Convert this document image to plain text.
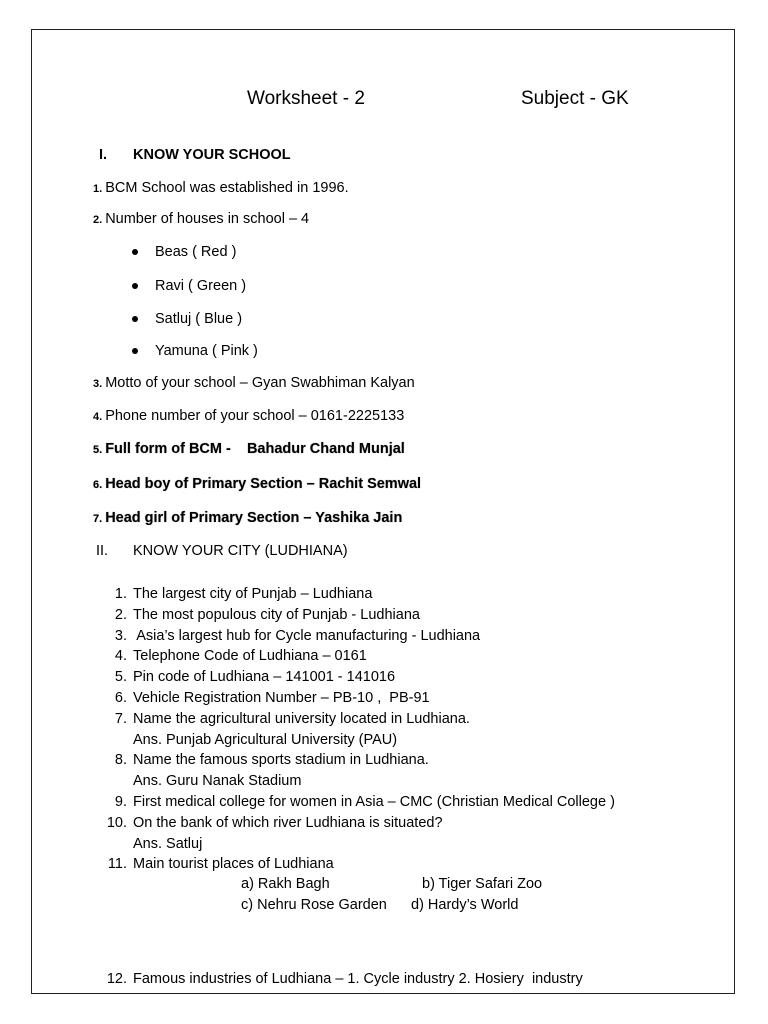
Worksheet - 2	Subject - GK
I. KNOW YOUR SCHOOL
1. BCM School was established in 1996.
2. Number of houses in school – 4
Beas ( Red )
Ravi ( Green )
Satluj ( Blue )
Yamuna ( Pink )
3. Motto of your school – Gyan Swabhiman Kalyan
4. Phone number of your school – 0161-2225133
5. Full form of BCM -    Bahadur Chand Munjal
6. Head boy of Primary Section – Rachit Semwal
7. Head girl of Primary Section – Yashika Jain
II. KNOW YOUR CITY (LUDHIANA)
1. The largest city of Punjab – Ludhiana
2. The most populous city of Punjab - Ludhiana
3. Asia’s largest hub for Cycle manufacturing - Ludhiana
4. Telephone Code of Ludhiana – 0161
5. Pin code of Ludhiana – 141001 - 141016
6. Vehicle Registration Number – PB-10 ,  PB-91
7. Name the agricultural university located in Ludhiana.
Ans. Punjab Agricultural University (PAU)
8. Name the famous sports stadium in Ludhiana.
Ans. Guru Nanak Stadium
9. First medical college for women in Asia – CMC (Christian Medical College )
10. On the bank of which river Ludhiana is situated?
Ans. Satluj
11. Main tourist places of Ludhiana
a) Rakh Bagh	b) Tiger Safari Zoo
c) Nehru Rose Garden d) Hardy’s World
12. Famous industries of Ludhiana – 1. Cycle industry 2. Hosiery  industry
